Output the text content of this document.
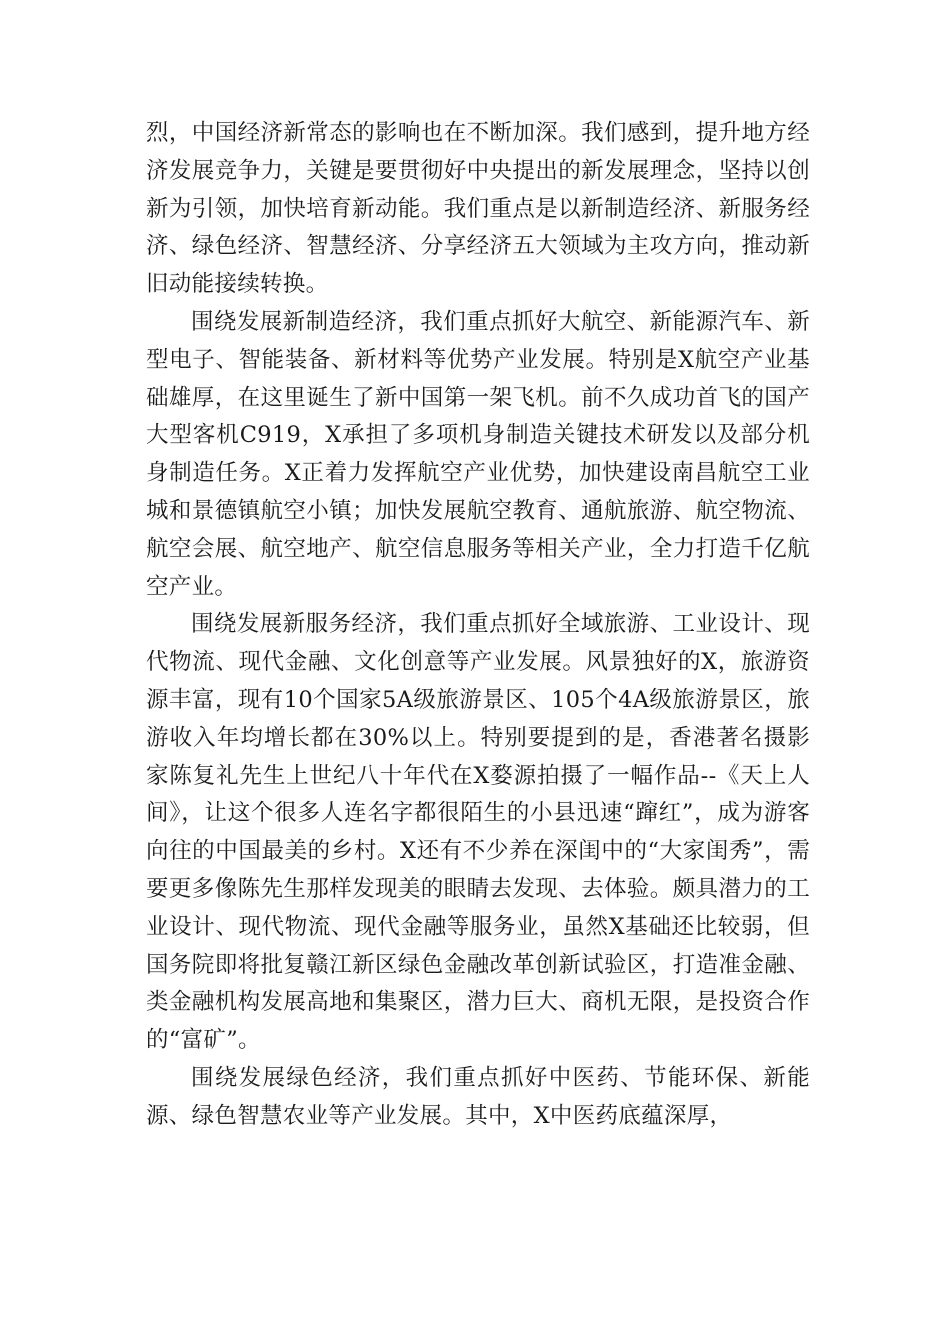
烈，中国经济新常态的影响也在不断加深。我们感到，提升地方经济发展竞争力，关键是要贯彻好中央提出的新发展理念，坚持以创新为引领，加快培育新动能。我们重点是以新制造经济、新服务经济、绿色经济、智慧经济、分享经济五大领域为主攻方向，推动新旧动能接续转换。

围绕发展新制造经济，我们重点抓好大航空、新能源汽车、新型电子、智能装备、新材料等优势产业发展。特别是X航空产业基础雄厚，在这里诞生了新中国第一架飞机。前不久成功首飞的国产大型客机C919，X承担了多项机身制造关键技术研发以及部分机身制造任务。X正着力发挥航空产业优势，加快建设南昌航空工业城和景德镇航空小镇；加快发展航空教育、通航旅游、航空物流、航空会展、航空地产、航空信息服务等相关产业，全力打造千亿航空产业。

围绕发展新服务经济，我们重点抓好全域旅游、工业设计、现代物流、现代金融、文化创意等产业发展。风景独好的X，旅游资源丰富，现有10个国家5A级旅游景区、105个4A级旅游景区，旅游收入年均增长都在30%以上。特别要提到的是，香港著名摄影家陈复礼先生上世纪八十年代在X婺源拍摄了一幅作品--《天上人间》，让这个很多人连名字都很陌生的小县迅速“蹿红”，成为游客向往的中国最美的乡村。X还有不少养在深闺中的“大家闺秀”，需要更多像陈先生那样发现美的眼睛去发现、去体验。颇具潜力的工业设计、现代物流、现代金融等服务业，虽然X基础还比较弱，但国务院即将批复赣江新区绿色金融改革创新试验区，打造准金融、类金融机构发展高地和集聚区，潜力巨大、商机无限，是投资合作的“富矿”。

围绕发展绿色经济，我们重点抓好中医药、节能环保、新能源、绿色智慧农业等产业发展。其中，X中医药底蕴深厚，
